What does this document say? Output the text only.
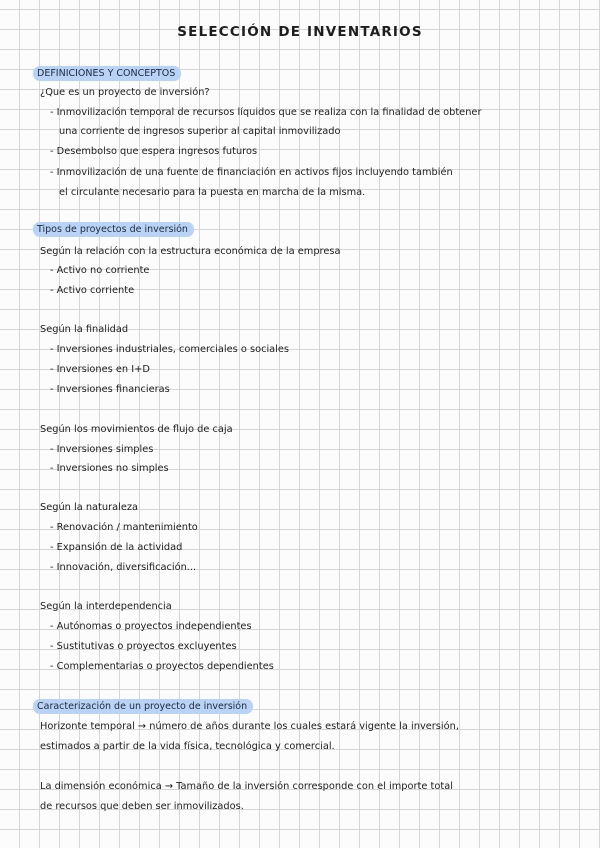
SELECCIÓN DE INVENTARIOS
DEFINICIONES Y CONCEPTOS
¿Que es un proyecto de inversión?
- Inmovilización temporal de recursos líquidos que se realiza con la finalidad de obtener
una corriente de ingresos superior al capital inmovilizado
- Desembolso que espera ingresos futuros
- Inmovilización de una fuente de financiación en activos fijos incluyendo también
el circulante necesario para la puesta en marcha de la misma.
Tipos de proyectos de inversión
Según la relación con la estructura económica de la empresa
- Activo no corriente
- Activo corriente
Según la finalidad
- Inversiones industriales, comerciales o sociales
- Inversiones en I+D
- Inversiones financieras
Según los movimientos de flujo de caja
- Inversiones simples
- Inversiones no simples
Según la naturaleza
- Renovación / mantenimiento
- Expansión de la actividad
- Innovación, diversificación...
Según la interdependencia
- Autónomas o proyectos independientes
- Sustitutivas o proyectos excluyentes
- Complementarias o proyectos dependientes
Caracterización de un proyecto de inversión
Horizonte temporal → número de años durante los cuales estará vigente la inversión,
estimados a partir de la vida física, tecnológica y comercial.
La dimensión económica → Tamaño de la inversión corresponde con el importe total
de recursos que deben ser inmovilizados.
